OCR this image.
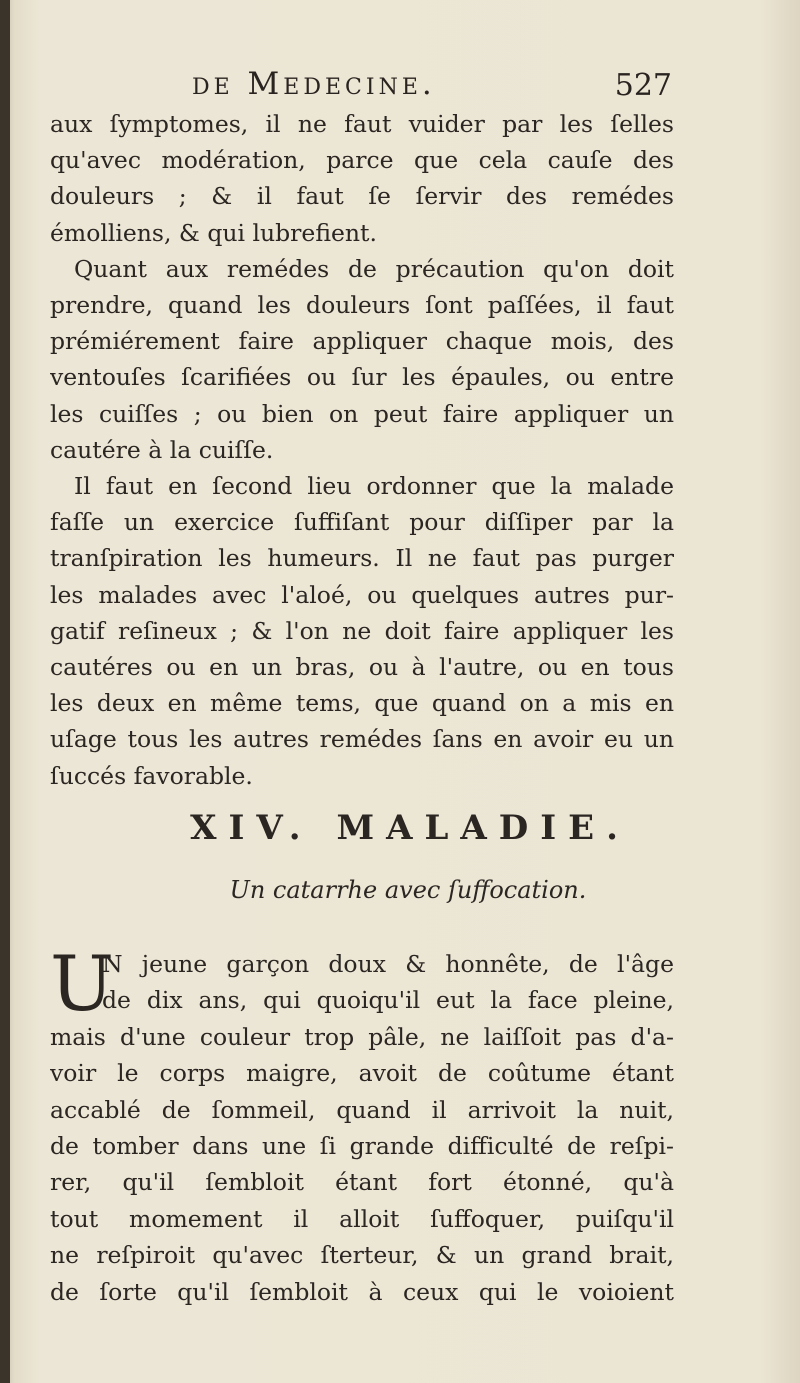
de Medecine.	527
aux ſymptomes, il ne faut vuider par les ſelles
qu'avec modération, parce que cela cauſe des
douleurs ; & il faut ſe ſervir des remédes
émolliens, & qui lubrefient.
Quant aux remédes de précaution qu'on doit
prendre, quand les douleurs ſont paſſées, il faut
prémiérement faire appliquer chaque mois, des
ventouſes ſcarifiées ou ſur les épaules, ou entre
les cuiſſes ; ou bien on peut faire appliquer un
cautére à la cuiſſe.
Il faut en ſecond lieu ordonner que la malade
faſſe un exercice ſuffiſant pour diſſiper par la
tranſpiration les humeurs. Il ne faut pas purger
les malades avec l'aloé, ou quelques autres pur-
gatif reſineux ; & l'on ne doit faire appliquer les
cautéres ou en un bras, ou à l'autre, ou en tous
les deux en même tems, que quand on a mis en
uſage tous les autres remédes ſans en avoir eu un
ſuccés favorable.
XIV. MALADIE.
Un catarrhe avec ſuffocation.
U
N jeune garçon doux & honnête, de l'âge
de dix ans, qui quoiqu'il eut la face pleine,
mais d'une couleur trop pâle, ne laiſſoit pas d'a-
voir le corps maigre, avoit de coûtume étant
accablé de ſommeil, quand il arrivoit la nuit,
de tomber dans une ſi grande difficulté de reſpi-
rer, qu'il ſembloit étant fort étonné, qu'à
tout momement il alloit ſuffoquer, puiſqu'il
ne reſpiroit qu'avec ſterteur, & un grand brait,
de ſorte qu'il ſembloit à ceux qui le voioient
